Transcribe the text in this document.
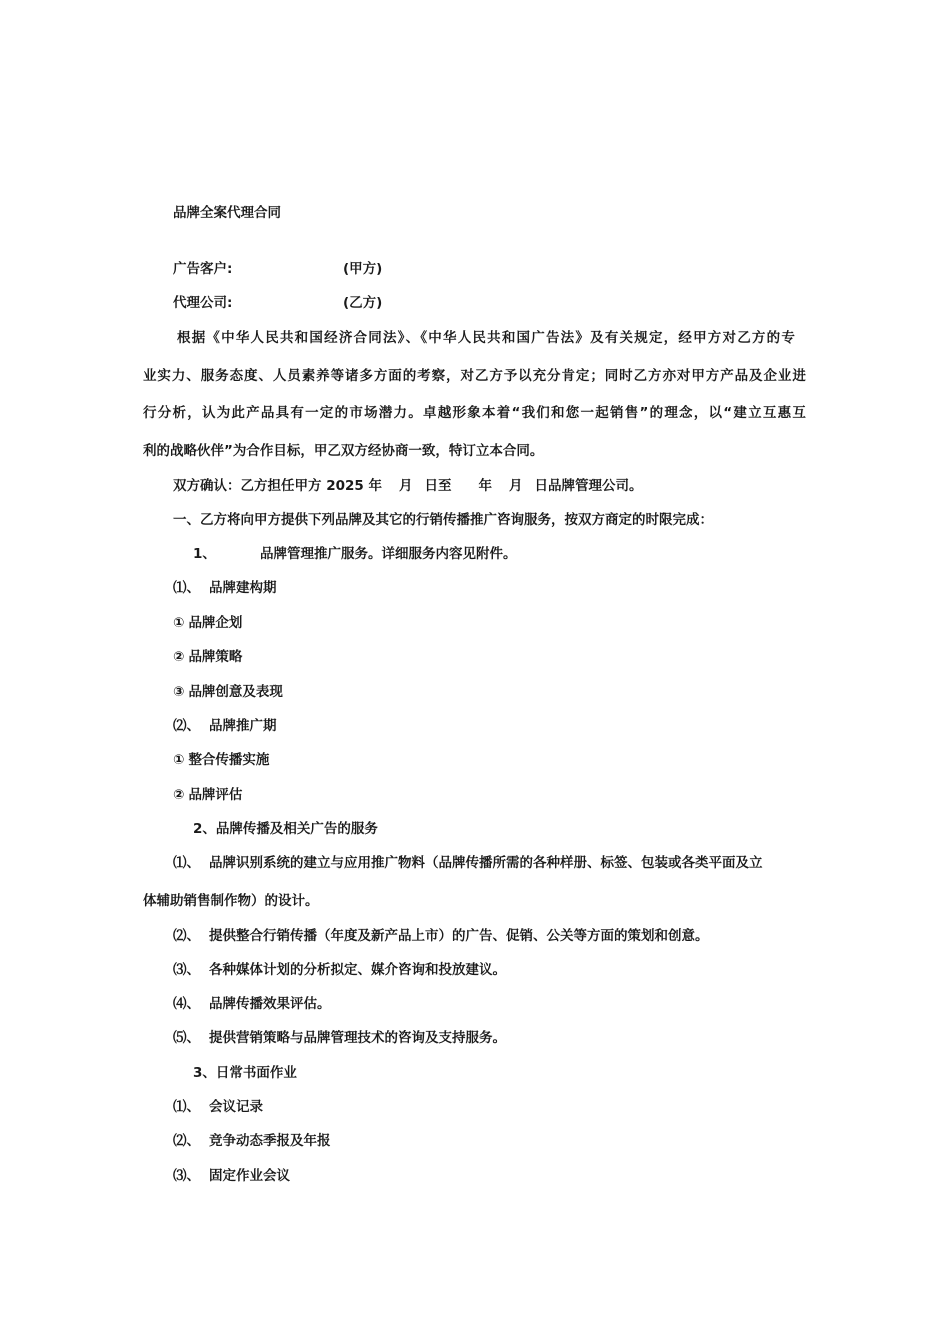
品牌全案代理合同
广告客户:	(甲方)
代理公司:	(乙方)
根据《中华人民共和国经济合同法》、《中华人民共和国广告法》及有关规定，经甲方对乙方的专
业实力、服务态度、人员素养等诸多方面的考察，对乙方予以充分肯定；同时乙方亦对甲方产品及企业进
行分析，认为此产品具有一定的市场潜力。卓越形象本着“我们和您一起销售”的理念，以“建立互惠互
利的战略伙伴”为合作目标，甲乙双方经协商一致，特订立本合同。
双方确认：乙方担任甲方 2025 年 月 日至 年 月 日品牌管理公司。
一、乙方将向甲方提供下列品牌及其它的行销传播推广咨询服务，按双方商定的时限完成：
1、	品牌管理推广服务。详细服务内容见附件。
⑴、 品牌建构期
① 品牌企划
② 品牌策略
③ 品牌创意及表现
⑵、 品牌推广期
① 整合传播实施
② 品牌评估
2、品牌传播及相关广告的服务
⑴、 品牌识别系统的建立与应用推广物料（品牌传播所需的各种样册、标签、包装或各类平面及立
体辅助销售制作物）的设计。
⑵、 提供整合行销传播（年度及新产品上市）的广告、促销、公关等方面的策划和创意。
⑶、 各种媒体计划的分析拟定、媒介咨询和投放建议。
⑷、 品牌传播效果评估。
⑸、 提供营销策略与品牌管理技术的咨询及支持服务。
3、日常书面作业
⑴、 会议记录
⑵、 竞争动态季报及年报
⑶、 固定作业会议
